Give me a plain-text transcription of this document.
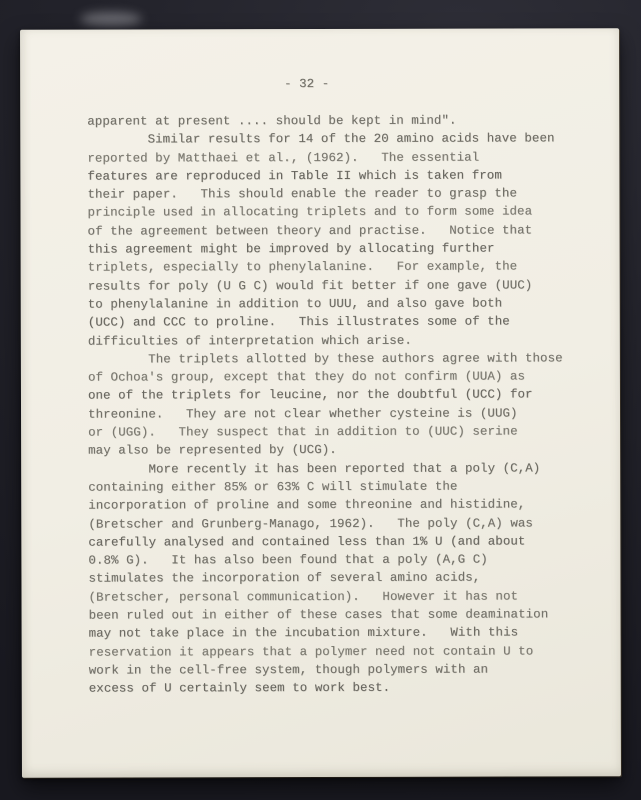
- 32 -
apparent at present .... should be kept in mind".
Similar results for 14 of the 20 amino acids have been
reported by Matthaei et al., (1962).   The essential
features are reproduced in Table II which is taken from
their paper.   This should enable the reader to grasp the
principle used in allocating triplets and to form some idea
of the agreement between theory and practise.   Notice that
this agreement might be improved by allocating further
triplets, especially to phenylalanine.   For example, the
results for poly (U G C) would fit better if one gave (UUC)
to phenylalanine in addition to UUU, and also gave both
(UCC) and CCC to proline.   This illustrates some of the
difficulties of interpretation which arise.
The triplets allotted by these authors agree with those
of Ochoa's group, except that they do not confirm (UUA) as
one of the triplets for leucine, nor the doubtful (UCC) for
threonine.   They are not clear whether cysteine is (UUG)
or (UGG).   They suspect that in addition to (UUC) serine
may also be represented by (UCG).
More recently it has been reported that a poly (C,A)
containing either 85% or 63% C will stimulate the
incorporation of proline and some threonine and histidine,
(Bretscher and Grunberg-Manago, 1962).   The poly (C,A) was
carefully analysed and contained less than 1% U (and about
0.8% G).   It has also been found that a poly (A,G C)
stimulates the incorporation of several amino acids,
(Bretscher, personal communication).   However it has not
been ruled out in either of these cases that some deamination
may not take place in the incubation mixture.   With this
reservation it appears that a polymer need not contain U to
work in the cell-free system, though polymers with an
excess of U certainly seem to work best.
